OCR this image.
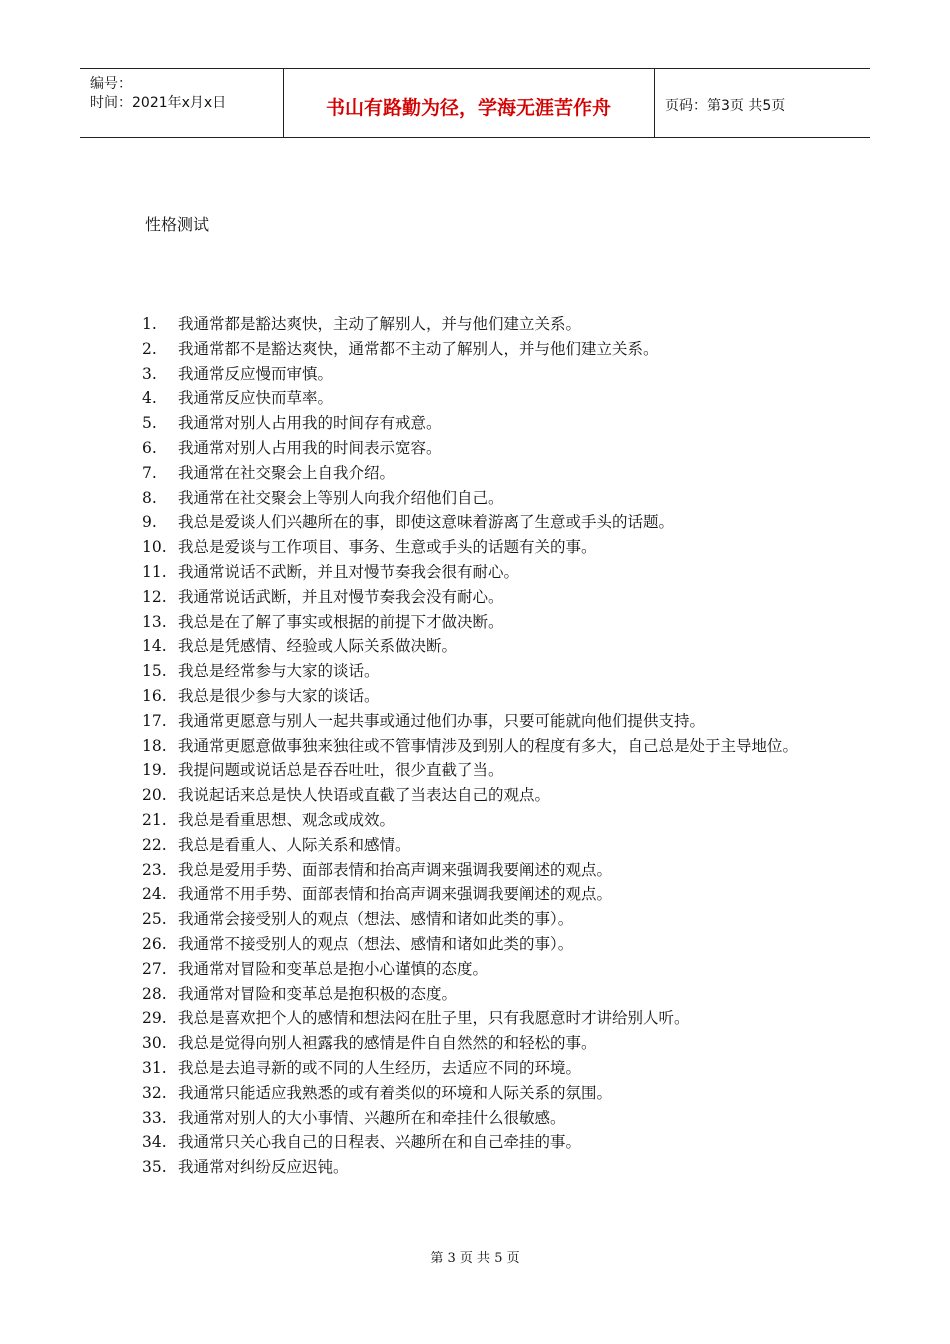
编号：
时间：2021年x月x日	书山有路勤为径，学海无涯苦作舟	页码：第3页 共5页
性格测试
1. 我通常都是豁达爽快，主动了解别人，并与他们建立关系。
2. 我通常都不是豁达爽快，通常都不主动了解别人，并与他们建立关系。
3. 我通常反应慢而审慎。
4. 我通常反应快而草率。
5. 我通常对别人占用我的时间存有戒意。
6. 我通常对别人占用我的时间表示宽容。
7. 我通常在社交聚会上自我介绍。
8. 我通常在社交聚会上等别人向我介绍他们自己。
9. 我总是爱谈人们兴趣所在的事，即使这意味着游离了生意或手头的话题。
10. 我总是爱谈与工作项目、事务、生意或手头的话题有关的事。
11. 我通常说话不武断，并且对慢节奏我会很有耐心。
12. 我通常说话武断，并且对慢节奏我会没有耐心。
13. 我总是在了解了事实或根据的前提下才做决断。
14. 我总是凭感情、经验或人际关系做决断。
15. 我总是经常参与大家的谈话。
16. 我总是很少参与大家的谈话。
17. 我通常更愿意与别人一起共事或通过他们办事，只要可能就向他们提供支持。
18. 我通常更愿意做事独来独往或不管事情涉及到别人的程度有多大，自己总是处于主导地位。
19. 我提问题或说话总是吞吞吐吐，很少直截了当。
20. 我说起话来总是快人快语或直截了当表达自己的观点。
21. 我总是看重思想、观念或成效。
22. 我总是看重人、人际关系和感情。
23. 我总是爱用手势、面部表情和抬高声调来强调我要阐述的观点。
24. 我通常不用手势、面部表情和抬高声调来强调我要阐述的观点。
25. 我通常会接受别人的观点（想法、感情和诸如此类的事）。
26. 我通常不接受别人的观点（想法、感情和诸如此类的事）。
27. 我通常对冒险和变革总是抱小心谨慎的态度。
28. 我通常对冒险和变革总是抱积极的态度。
29. 我总是喜欢把个人的感情和想法闷在肚子里，只有我愿意时才讲给别人听。
30. 我总是觉得向别人袒露我的感情是件自自然然的和轻松的事。
31. 我总是去追寻新的或不同的人生经历，去适应不同的环境。
32. 我通常只能适应我熟悉的或有着类似的环境和人际关系的氛围。
33. 我通常对别人的大小事情、兴趣所在和牵挂什么很敏感。
34. 我通常只关心我自己的日程表、兴趣所在和自己牵挂的事。
35. 我通常对纠纷反应迟钝。
第 3 页 共 5 页
